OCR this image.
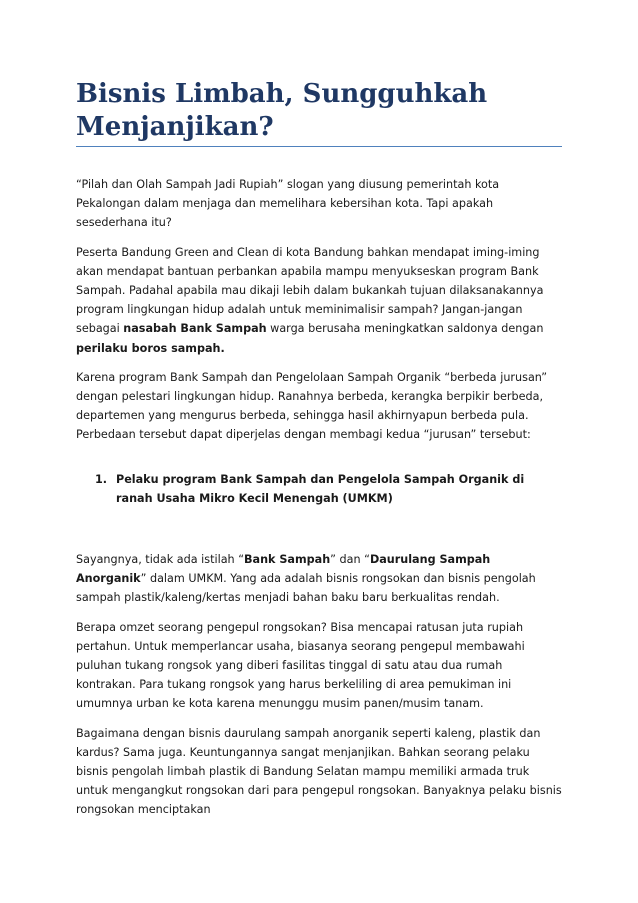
Bisnis Limbah, Sungguhkah
Menjanjikan?

“Pilah dan Olah Sampah Jadi Rupiah” slogan yang diusung pemerintah kota Pekalongan dalam menjaga dan memelihara kebersihan kota. Tapi apakah sesederhana itu?

Peserta Bandung Green and Clean di kota Bandung bahkan mendapat iming-iming akan mendapat bantuan perbankan apabila mampu menyukseskan program Bank Sampah. Padahal apabila mau dikaji lebih dalam bukankah tujuan dilaksanakannya program lingkungan hidup adalah untuk meminimalisir sampah? Jangan-jangan sebagai nasabah Bank Sampah warga berusaha meningkatkan saldonya dengan perilaku boros sampah.

Karena program Bank Sampah dan Pengelolaan Sampah Organik “berbeda jurusan” dengan pelestari lingkungan hidup. Ranahnya berbeda, kerangka berpikir berbeda, departemen yang mengurus berbeda, sehingga hasil akhirnyapun berbeda pula. Perbedaan tersebut dapat diperjelas dengan membagi kedua “jurusan” tersebut:

1. Pelaku program Bank Sampah dan Pengelola Sampah Organik di ranah Usaha Mikro Kecil Menengah (UMKM)

Sayangnya, tidak ada istilah “Bank Sampah” dan “Daurulang Sampah Anorganik” dalam UMKM. Yang ada adalah bisnis rongsokan dan bisnis pengolah sampah plastik/kaleng/kertas menjadi bahan baku baru berkualitas rendah.

Berapa omzet seorang pengepul rongsokan? Bisa mencapai ratusan juta rupiah pertahun. Untuk memperlancar usaha, biasanya seorang pengepul membawahi puluhan tukang rongsok yang diberi fasilitas tinggal di satu atau dua rumah kontrakan. Para tukang rongsok yang harus berkeliling di area pemukiman ini umumnya urban ke kota karena menunggu musim panen/musim tanam.

Bagaimana dengan bisnis daurulang sampah anorganik seperti kaleng, plastik dan kardus? Sama juga. Keuntungannya sangat menjanjikan. Bahkan seorang pelaku bisnis pengolah limbah plastik di Bandung Selatan mampu memiliki armada truk untuk mengangkut rongsokan dari para pengepul rongsokan. Banyaknya pelaku bisnis rongsokan menciptakan
